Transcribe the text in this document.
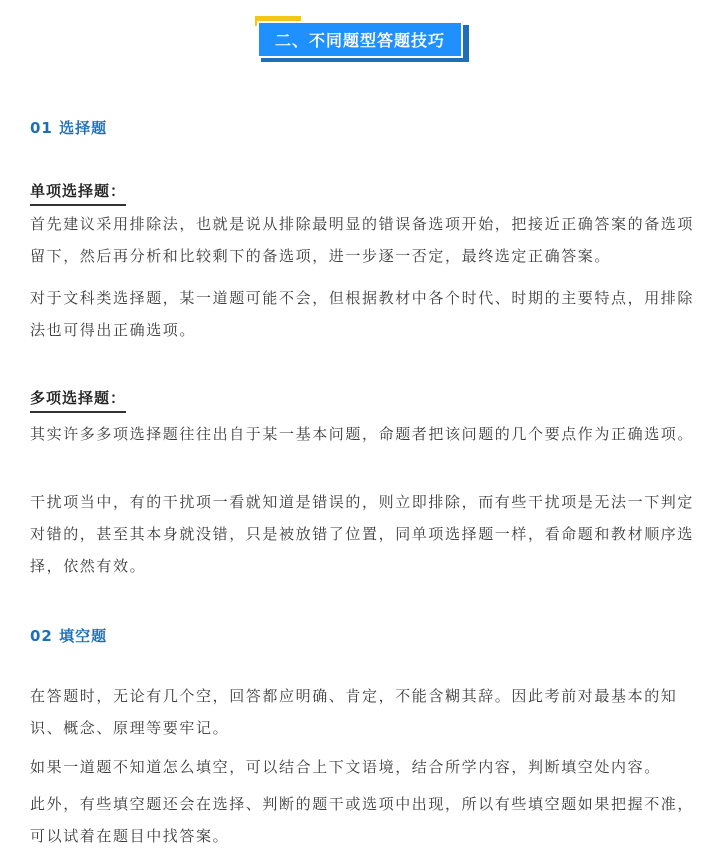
二、不同题型答题技巧
01 选择题
单项选择题：
首先建议采用排除法，也就是说从排除最明显的错误备选项开始，把接近正确答案的备选项留下，然后再分析和比较剩下的备选项，进一步逐一否定，最终选定正确答案。
对于文科类选择题，某一道题可能不会，但根据教材中各个时代、时期的主要特点，用排除法也可得出正确选项。
多项选择题：
其实许多多项选择题往往出自于某一基本问题，命题者把该问题的几个要点作为正确选项。
干扰项当中，有的干扰项一看就知道是错误的，则立即排除，而有些干扰项是无法一下判定对错的，甚至其本身就没错，只是被放错了位置，同单项选择题一样，看命题和教材顺序选择，依然有效。
02 填空题
在答题时，无论有几个空，回答都应明确、肯定，不能含糊其辞。因此考前对最基本的知识、概念、原理等要牢记。
如果一道题不知道怎么填空，可以结合上下文语境，结合所学内容，判断填空处内容。
此外，有些填空题还会在选择、判断的题干或选项中出现，所以有些填空题如果把握不准，可以试着在题目中找答案。
